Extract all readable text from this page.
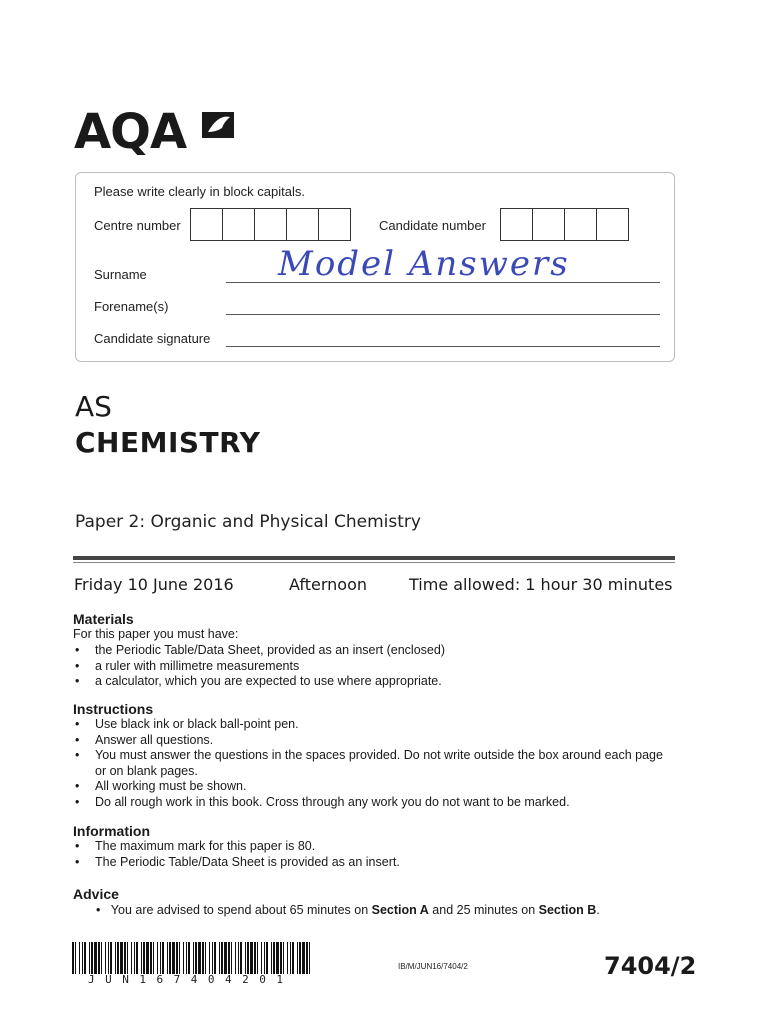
AQA
Please write clearly in block capitals.
Centre number	Candidate number
Surname	Model Answers
Forename(s)
Candidate signature
AS
CHEMISTRY
Paper 2: Organic and Physical Chemistry
Friday 10 June 2016	Afternoon	Time allowed: 1 hour 30 minutes
Materials
For this paper you must have:
• the Periodic Table/Data Sheet, provided as an insert (enclosed)
• a ruler with millimetre measurements
• a calculator, which you are expected to use where appropriate.
Instructions
• Use black ink or black ball-point pen.
• Answer all questions.
• You must answer the questions in the spaces provided. Do not write outside the box around each page or on blank pages.
• All working must be shown.
• Do all rough work in this book. Cross through any work you do not want to be marked.
Information
• The maximum mark for this paper is 80.
• The Periodic Table/Data Sheet is provided as an insert.
Advice
•   You are advised to spend about 65 minutes on Section A and 25 minutes on Section B.
JUN167404201
IB/M/JUN16/7404/2	7404/2
